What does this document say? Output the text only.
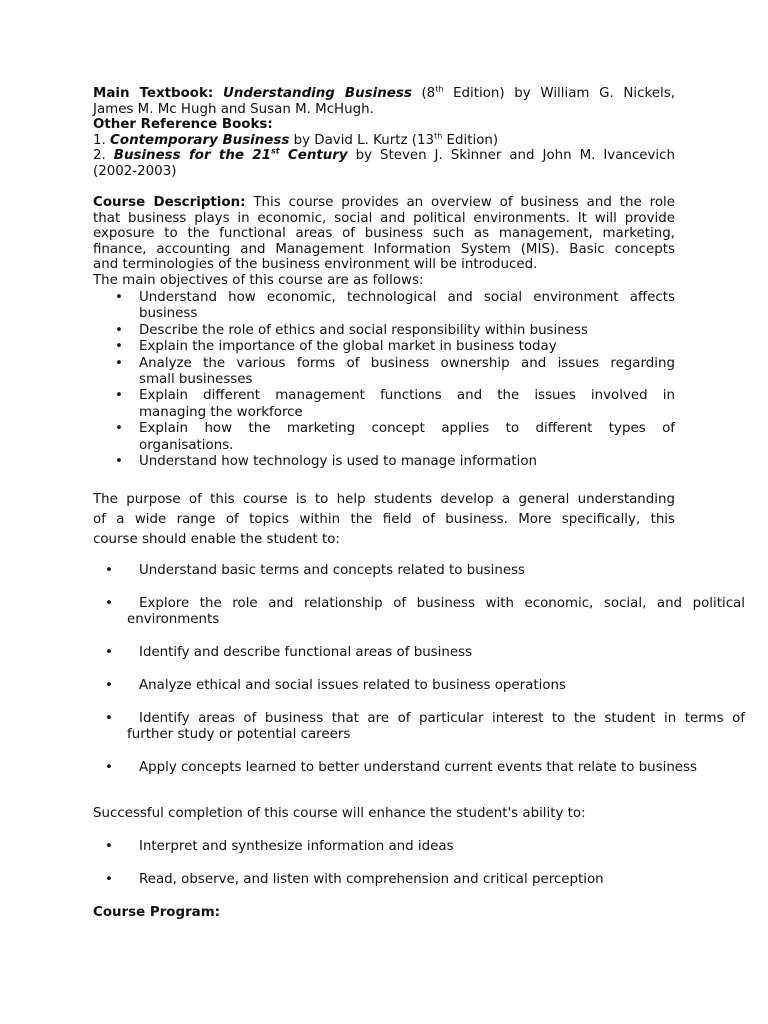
Main Textbook: Understanding Business (8th Edition) by William G. Nickels,
James M. Mc Hugh and Susan M. McHugh.
Other Reference Books:
1. Contemporary Business by David L. Kurtz (13th Edition)
2. Business for the 21st Century by Steven J. Skinner and John M. Ivancevich
(2002-2003)
Course Description: This course provides an overview of business and the role
that business plays in economic, social and political environments. It will provide
exposure to the functional areas of business such as management, marketing,
finance, accounting and Management Information System (MIS). Basic concepts
and terminologies of the business environment will be introduced.
The main objectives of this course are as follows:
• Understand how economic, technological and social environment affects
business
• Describe the role of ethics and social responsibility within business
• Explain the importance of the global market in business today
• Analyze the various forms of business ownership and issues regarding
small businesses
• Explain different management functions and the issues involved in
managing the workforce
• Explain how the marketing concept applies to different types of
organisations.
• Understand how technology is used to manage information
The purpose of this course is to help students develop a general understanding
of a wide range of topics within the field of business. More specifically, this
course should enable the student to:
• Understand basic terms and concepts related to business
• Explore the role and relationship of business with economic, social, and political
environments
• Identify and describe functional areas of business
• Analyze ethical and social issues related to business operations
• Identify areas of business that are of particular interest to the student in terms of
further study or potential careers
• Apply concepts learned to better understand current events that relate to business
Successful completion of this course will enhance the student's ability to:
• Interpret and synthesize information and ideas
• Read, observe, and listen with comprehension and critical perception
Course Program:
